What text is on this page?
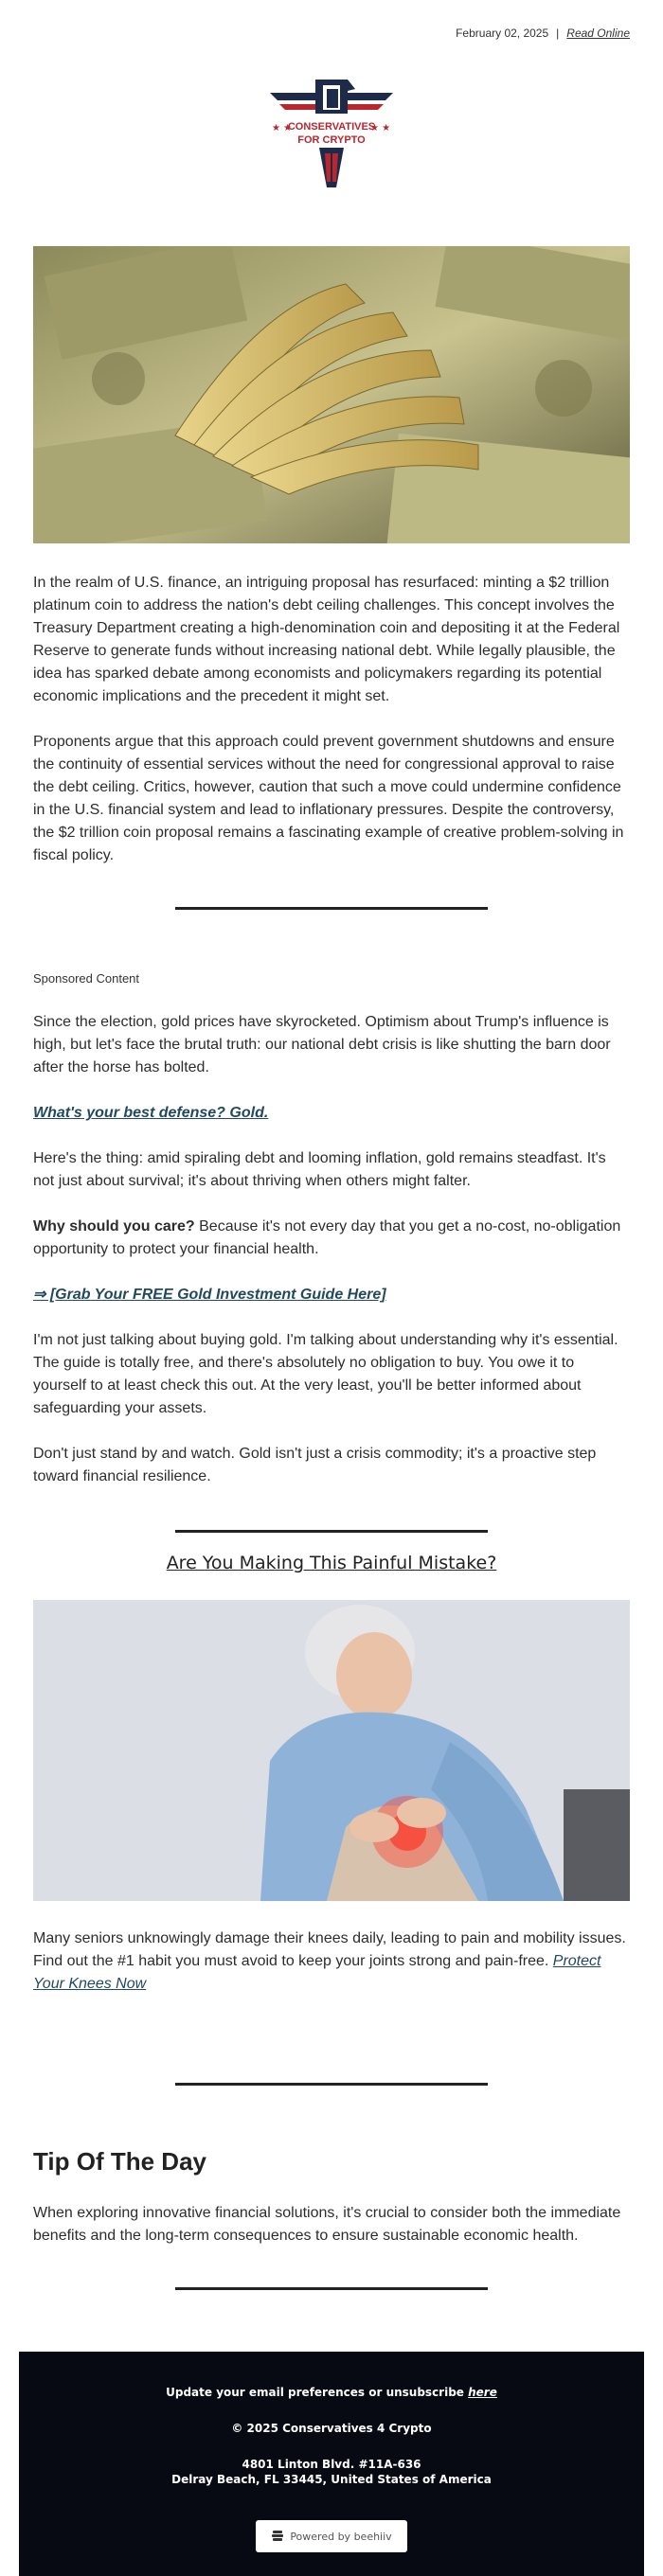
February 02, 2025 | Read Online
★ ★	★ ★
CONSERVATIVES
FOR CRYPTO
In the realm of U.S. finance, an intriguing proposal has resurfaced: minting a $2 trillion platinum coin to address the nation's debt ceiling challenges. This concept involves the Treasury Department creating a high-denomination coin and depositing it at the Federal Reserve to generate funds without increasing national debt. While legally plausible, the idea has sparked debate among economists and policymakers regarding its potential economic implications and the precedent it might set.
Proponents argue that this approach could prevent government shutdowns and ensure the continuity of essential services without the need for congressional approval to raise the debt ceiling. Critics, however, caution that such a move could undermine confidence in the U.S. financial system and lead to inflationary pressures. Despite the controversy, the $2 trillion coin proposal remains a fascinating example of creative problem-solving in fiscal policy.
Sponsored Content
Since the election, gold prices have skyrocketed. Optimism about Trump's influence is high, but let's face the brutal truth: our national debt crisis is like shutting the barn door after the horse has bolted.
What's your best defense? Gold.
Here's the thing: amid spiraling debt and looming inflation, gold remains steadfast. It's not just about survival; it's about thriving when others might falter.
Why should you care? Because it's not every day that you get a no-cost, no-obligation opportunity to protect your financial health.
⇒ [Grab Your FREE Gold Investment Guide Here]
I'm not just talking about buying gold. I'm talking about understanding why it's essential. The guide is totally free, and there's absolutely no obligation to buy. You owe it to yourself to at least check this out. At the very least, you'll be better informed about safeguarding your assets.
Don't just stand by and watch. Gold isn't just a crisis commodity; it's a proactive step toward financial resilience.
Are You Making This Painful Mistake?
Many seniors unknowingly damage their knees daily, leading to pain and mobility issues. Find out the #1 habit you must avoid to keep your joints strong and pain-free. Protect Your Knees Now
Tip Of The Day
When exploring innovative financial solutions, it's crucial to consider both the immediate benefits and the long-term consequences to ensure sustainable economic health.
Update your email preferences or unsubscribe here
© 2025 Conservatives 4 Crypto
4801 Linton Blvd. #11A-636
Delray Beach, FL 33445, United States of America
Powered by beehiiv
